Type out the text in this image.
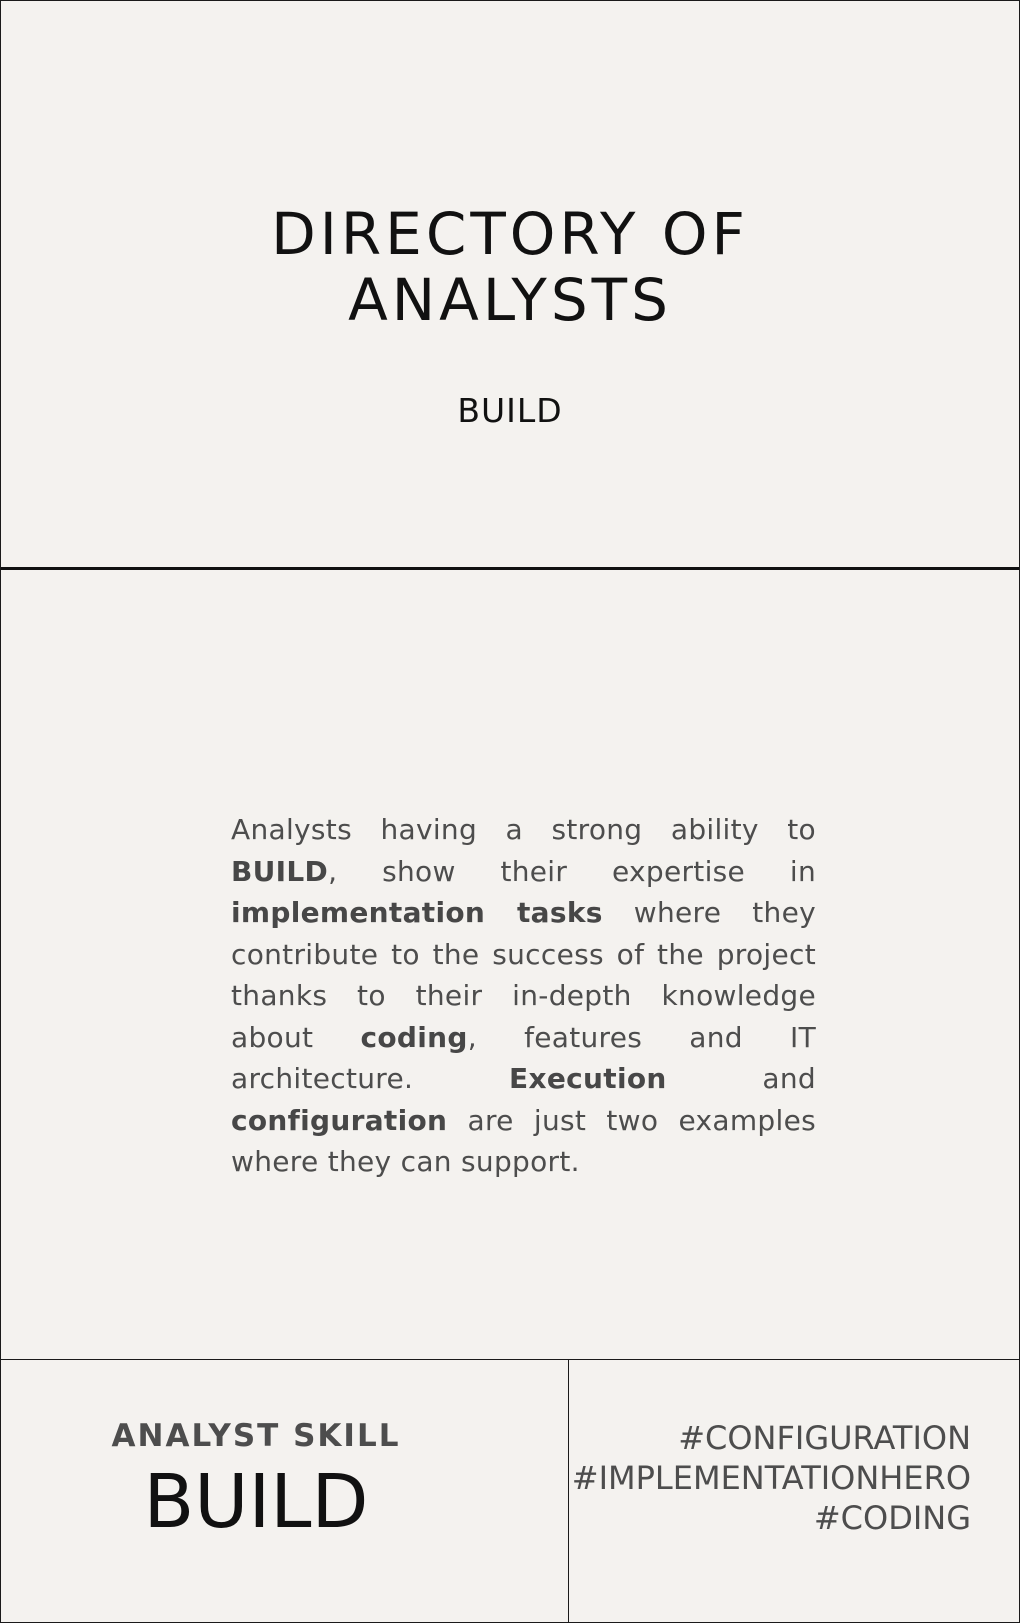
DIRECTORY OF
ANALYSTS
BUILD

Analysts having a strong ability to BUILD, show their expertise in implementation tasks where they contribute to the success of the project thanks to their in-depth knowledge about coding, features and IT architecture. Execution and configuration are just two examples where they can support.

ANALYST SKILL
BUILD
#CONFIGURATION
#IMPLEMENTATIONHERO
#CODING
